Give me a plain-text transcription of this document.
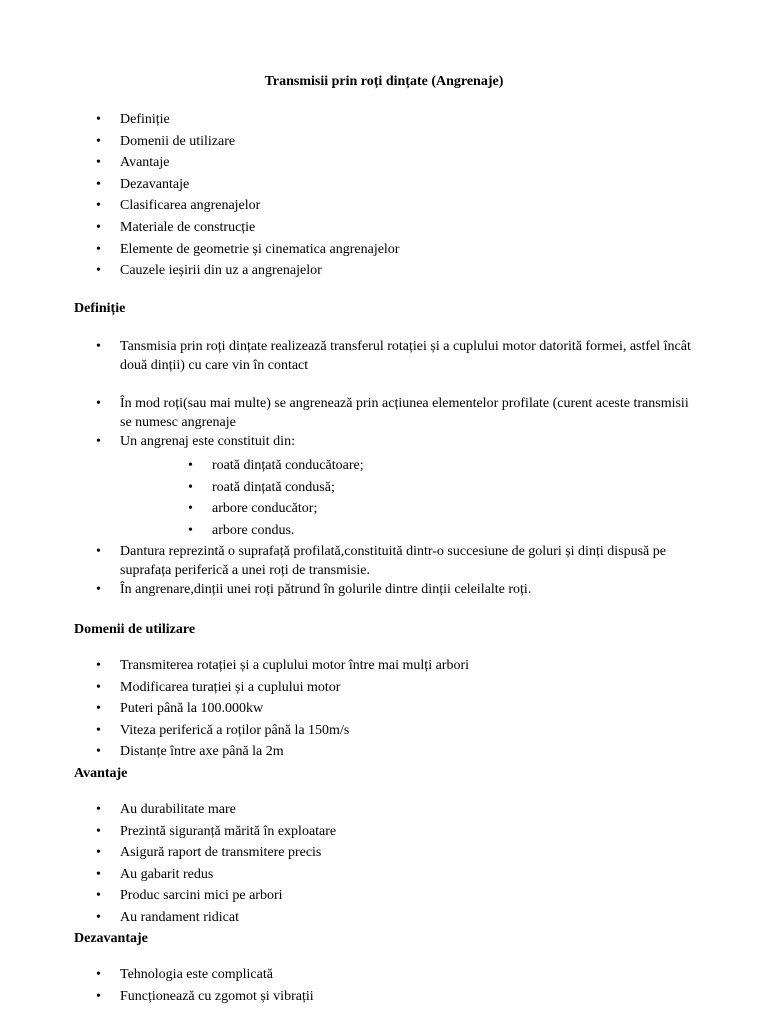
Transmisii prin roți dințate (Angrenaje)
• Definiție
• Domenii de utilizare
• Avantaje
• Dezavantaje
• Clasificarea angrenajelor
• Materiale de construcție
• Elemente de geometrie și cinematica angrenajelor
• Cauzele ieșirii din uz a angrenajelor
Definiție
• Tansmisia prin roți dințate realizează transferul rotației și a cuplului motor datorită formei, astfel încât două dinții) cu care vin în contact
• În mod roți(sau mai multe) se angrenează prin acțiunea elementelor profilate (curent aceste transmisii se numesc angrenaje
• Un angrenaj este constituit din:
• roată dințată conducătoare;
• roată dințată condusă;
• arbore conducător;
• arbore condus.
• Dantura reprezintă o suprafață profilată,constituită dintr-o succesiune de goluri și dinți dispusă pe suprafața periferică a unei roți de transmisie.
• În angrenare,dinții unei roți pătrund în golurile dintre dinții celeilalte roți.
Domenii de utilizare
• Transmiterea rotației și a cuplului motor între mai mulți arbori
• Modificarea turației și a cuplului motor
• Puteri până la 100.000kw
• Viteza periferică a roților până la 150m/s
• Distanțe între axe până la 2m
Avantaje
• Au durabilitate mare
• Prezintă siguranță mărită în exploatare
• Asigură raport de transmitere precis
• Au gabarit redus
• Produc sarcini mici pe arbori
• Au randament ridicat
Dezavantaje
• Tehnologia este complicată
• Funcționează cu zgomot și vibrații
